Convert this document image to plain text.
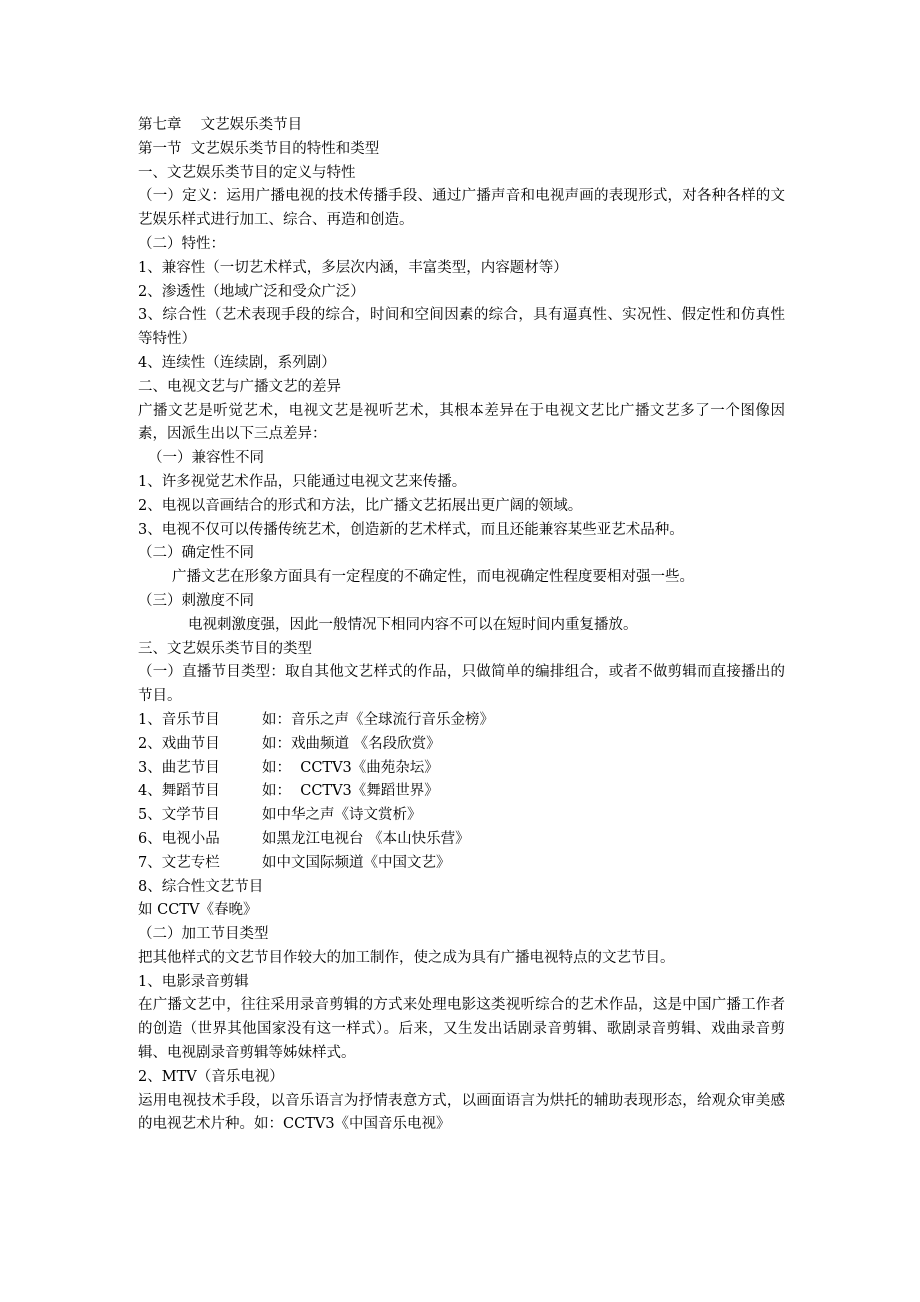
第七章　 文艺娱乐类节目
第一节  文艺娱乐类节目的特性和类型
一、文艺娱乐类节目的定义与特性
（一）定义：运用广播电视的技术传播手段、通过广播声音和电视声画的表现形式，对各种各样的文艺娱乐样式进行加工、综合、再造和创造。
（二）特性：
1、兼容性（一切艺术样式，多层次内涵，丰富类型，内容题材等）
2、渗透性（地域广泛和受众广泛）
3、综合性（艺术表现手段的综合，时间和空间因素的综合，具有逼真性、实况性、假定性和仿真性等特性）
4、连续性（连续剧，系列剧）
二、电视文艺与广播文艺的差异
广播文艺是听觉艺术，电视文艺是视听艺术，其根本差异在于电视文艺比广播文艺多了一个图像因素，因派生出以下三点差异：
（一）兼容性不同
1、许多视觉艺术作品，只能通过电视文艺来传播。
2、电视以音画结合的形式和方法，比广播文艺拓展出更广阔的领域。
3、电视不仅可以传播传统艺术，创造新的艺术样式，而且还能兼容某些亚艺术品种。
（二）确定性不同
广播文艺在形象方面具有一定程度的不确定性，而电视确定性程度要相对强一些。
（三）刺激度不同
电视刺激度强，因此一般情况下相同内容不可以在短时间内重复播放。
三、文艺娱乐类节目的类型
（一）直播节目类型：取自其他文艺样式的作品，只做简单的编排组合，或者不做剪辑而直接播出的节目。
1、音乐节目	如：音乐之声《全球流行音乐金榜》
2、戏曲节目	如：戏曲频道 《名段欣赏》
3、曲艺节目	如：  CCTV3《曲苑杂坛》
4、舞蹈节目	如：  CCTV3《舞蹈世界》
5、文学节目	如中华之声《诗文赏析》
6、电视小品	如黑龙江电视台 《本山快乐营》
7、文艺专栏	如中文国际频道《中国文艺》
8、综合性文艺节目
如 CCTV《春晚》
（二）加工节目类型
把其他样式的文艺节目作较大的加工制作，使之成为具有广播电视特点的文艺节目。
1、电影录音剪辑
在广播文艺中，往往采用录音剪辑的方式来处理电影这类视听综合的艺术作品，这是中国广播工作者的创造（世界其他国家没有这一样式）。后来，又生发出话剧录音剪辑、歌剧录音剪辑、戏曲录音剪辑、电视剧录音剪辑等姊妹样式。
2、MTV（音乐电视）
运用电视技术手段，以音乐语言为抒情表意方式，以画面语言为烘托的辅助表现形态，给观众审美感的电视艺术片种。如：CCTV3《中国音乐电视》
